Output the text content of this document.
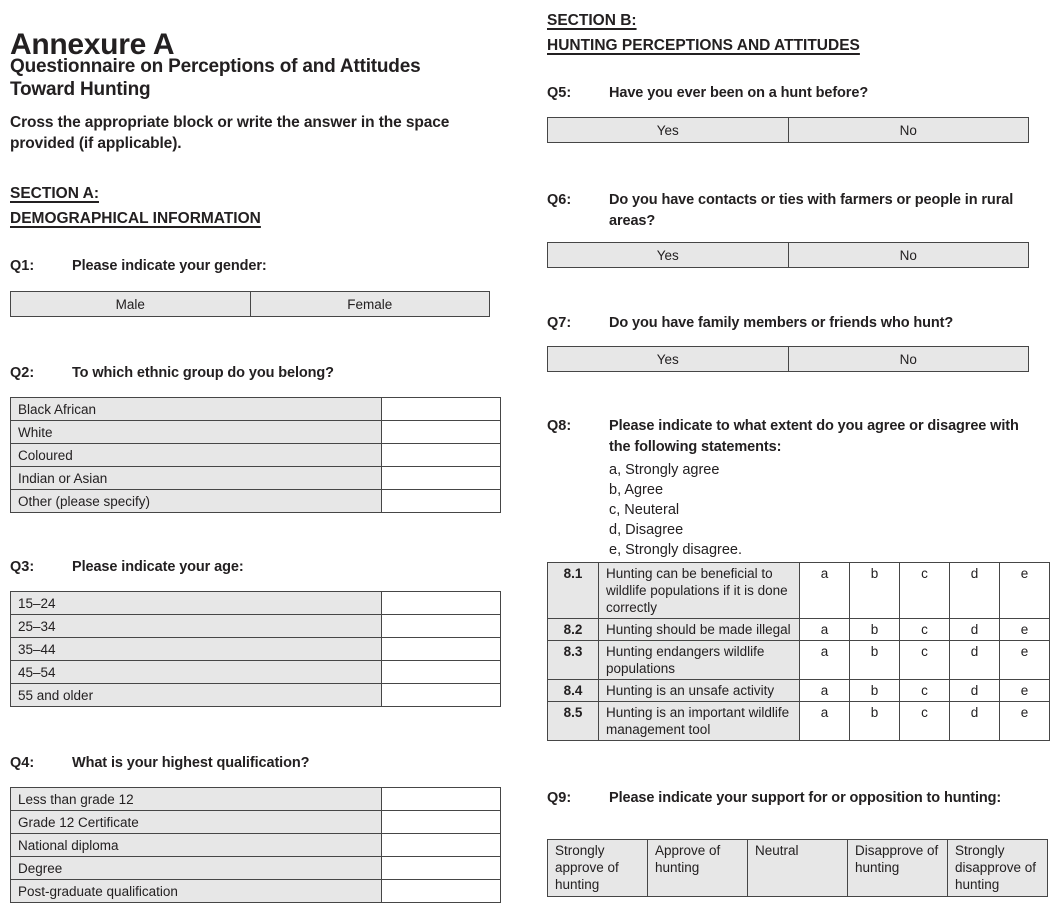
Annexure A
Questionnaire on Perceptions of and Attitudes Toward Hunting
Cross the appropriate block or write the answer in the space provided (if applicable).
SECTION A:
DEMOGRAPHICAL INFORMATION
Q1:	Please indicate your gender:
Male	Female
Q2:	To which ethnic group do you belong?
Black African	
White	
Coloured	
Indian or Asian	
Other (please specify)	
Q3:	Please indicate your age:
15–24	
25–34	
35–44	
45–54	
55 and older	
Q4:	What is your highest qualification?
Less than grade 12	
Grade 12 Certificate	
National diploma	
Degree	
Post-graduate qualification	
SECTION B:
HUNTING PERCEPTIONS AND ATTITUDES
Q5:	Have you ever been on a hunt before?
Yes	No
Q6:	Do you have contacts or ties with farmers or people in rural areas?
Yes	No
Q7:	Do you have family members or friends who hunt?
Yes	No
Q8:	Please indicate to what extent do you agree or disagree with the following statements:
a, Strongly agree
b, Agree
c, Neuteral
d, Disagree
e, Strongly disagree.
8.1	Hunting can be beneficial to wildlife populations if it is done correctly	a	b	c	d	e
8.2	Hunting should be made illegal	a	b	c	d	e
8.3	Hunting endangers wildlife populations	a	b	c	d	e
8.4	Hunting is an unsafe activity	a	b	c	d	e
8.5	Hunting is an important wildlife management tool	a	b	c	d	e
Q9:	Please indicate your support for or opposition to hunting:
Strongly approve of hunting	Approve of hunting	Neutral	Disapprove of hunting	Strongly disapprove of hunting
